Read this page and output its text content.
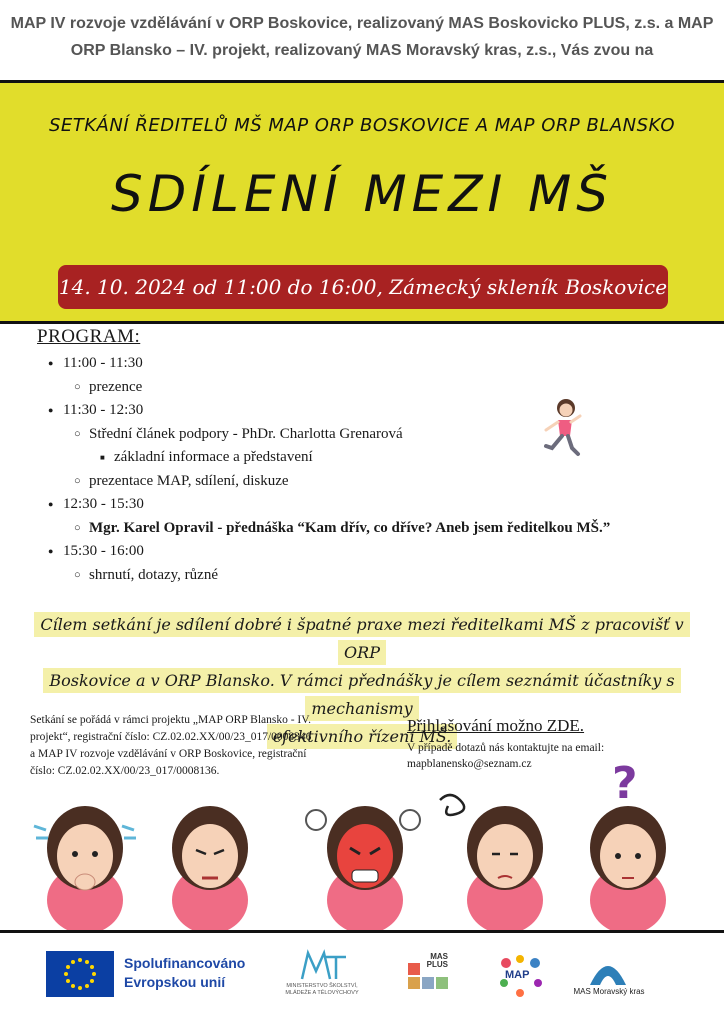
MAP IV rozvoje vzdělávání v ORP Boskovice, realizovaný MAS Boskovicko PLUS, z.s. a MAP
ORP Blansko – IV. projekt, realizovaný MAS Moravský kras, z.s., Vás zvou na
SETKÁNÍ ŘEDITELŮ MŠ MAP ORP BOSKOVICE A MAP ORP BLANSKO
SDÍLENÍ MEZI MŠ
14. 10. 2024 od 11:00 do 16:00, Zámecký skleník Boskovice
PROGRAM:
● 11:00 - 11:30
○ prezence
● 11:30 - 12:30
○ Střední článek podpory - PhDr. Charlotta Grenarová
■ základní informace a představení
○ prezentace MAP, sdílení, diskuze
● 12:30 - 15:30
○ Mgr. Karel Opravil - přednáška “Kam dřív, co dříve? Aneb jsem ředitelkou MŠ.”
● 15:30 - 16:00
○ shrnutí, dotazy, různé
Cílem setkání je sdílení dobré i špatné praxe mezi ředitelkami MŠ z pracovišť v ORP
Boskovice a v ORP Blansko. V rámci přednášky je cílem seznámit účastníky s mechanismy
efektivního řízení MŠ.
Setkání se pořádá v rámci projektu „MAP ORP Blansko - IV.
projekt“, registrační číslo: CZ.02.02.XX/00/23_017/0008346
a MAP IV rozvoje vzdělávání v ORP Boskovice, registrační
číslo: CZ.02.02.XX/00/23_017/0008136.
Přihlašování možno ZDE.
V případě dotazů nás kontaktujte na email:
mapblanensko@seznam.cz	?
Spolufinancováno
Evropskou unií	MINISTERSTVO ŠKOLSTVÍ,
MLÁDEŽE A TĚLOVÝCHOVY
MAS
PLUS
MAP
MAS Moravský kras
